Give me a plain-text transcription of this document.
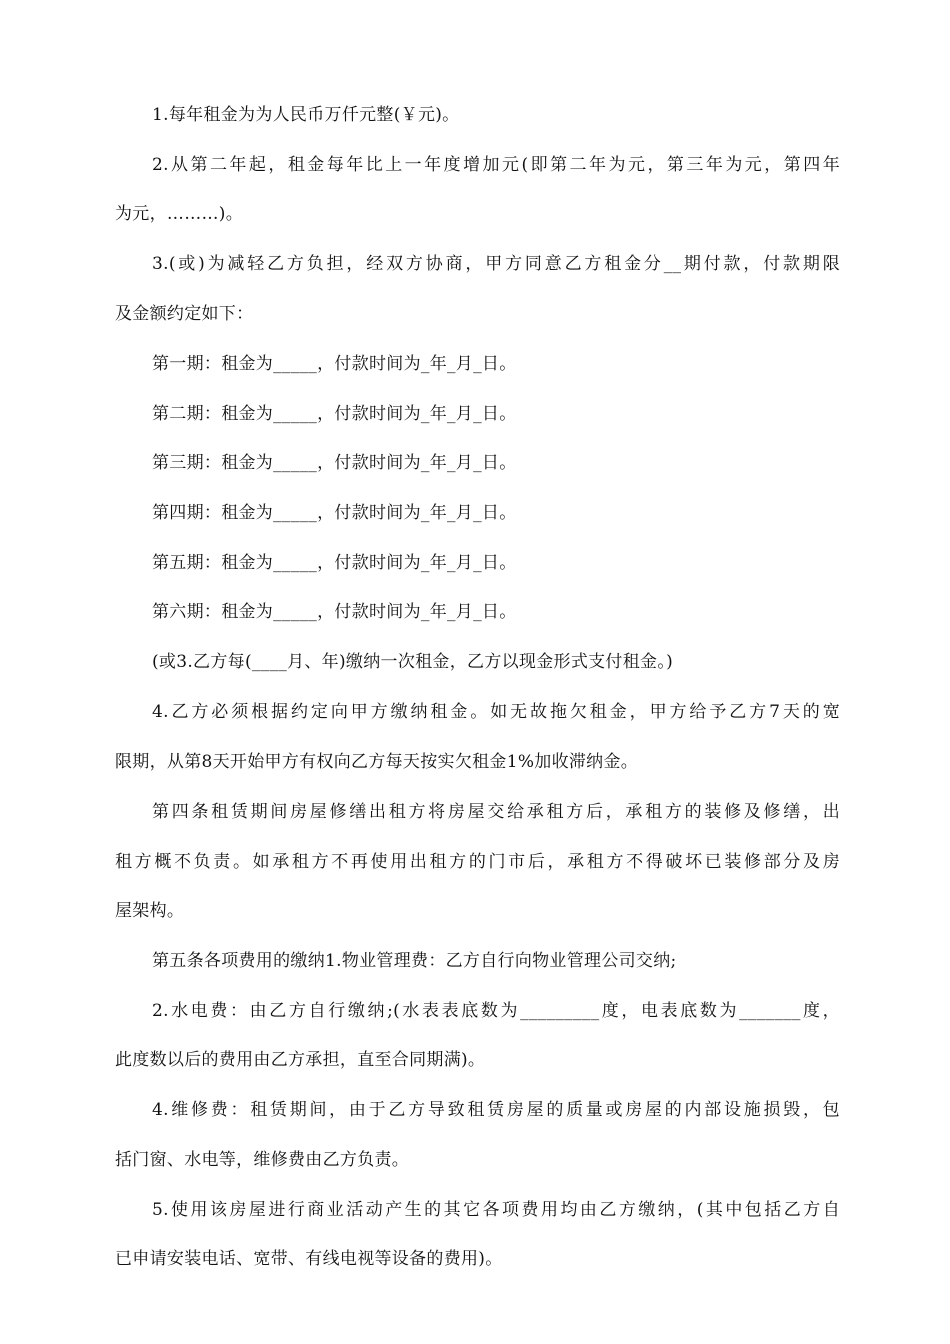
1.每年租金为为人民币万仟元整(￥元)。
2.从第二年起，租金每年比上一年度增加元(即第二年为元，第三年为元，第四年
为元，………)。
3.(或)为减轻乙方负担，经双方协商，甲方同意乙方租金分__期付款，付款期限
及金额约定如下：
第一期：租金为_____，付款时间为_年_月_日。
第二期：租金为_____，付款时间为_年_月_日。
第三期：租金为_____，付款时间为_年_月_日。
第四期：租金为_____，付款时间为_年_月_日。
第五期：租金为_____，付款时间为_年_月_日。
第六期：租金为_____，付款时间为_年_月_日。
(或3.乙方每(____月、年)缴纳一次租金，乙方以现金形式支付租金。)
4.乙方必须根据约定向甲方缴纳租金。如无故拖欠租金，甲方给予乙方7天的宽
限期，从第8天开始甲方有权向乙方每天按实欠租金1%加收滞纳金。
第四条租赁期间房屋修缮出租方将房屋交给承租方后，承租方的装修及修缮，出
租方概不负责。如承租方不再使用出租方的门市后，承租方不得破坏已装修部分及房
屋架构。
第五条各项费用的缴纳1.物业管理费：乙方自行向物业管理公司交纳;
2.水电费：由乙方自行缴纳;(水表表底数为_________度，电表底数为_______度，
此度数以后的费用由乙方承担，直至合同期满)。
4.维修费：租赁期间，由于乙方导致租赁房屋的质量或房屋的内部设施损毁，包
括门窗、水电等，维修费由乙方负责。
5.使用该房屋进行商业活动产生的其它各项费用均由乙方缴纳，(其中包括乙方自
已申请安装电话、宽带、有线电视等设备的费用)。
